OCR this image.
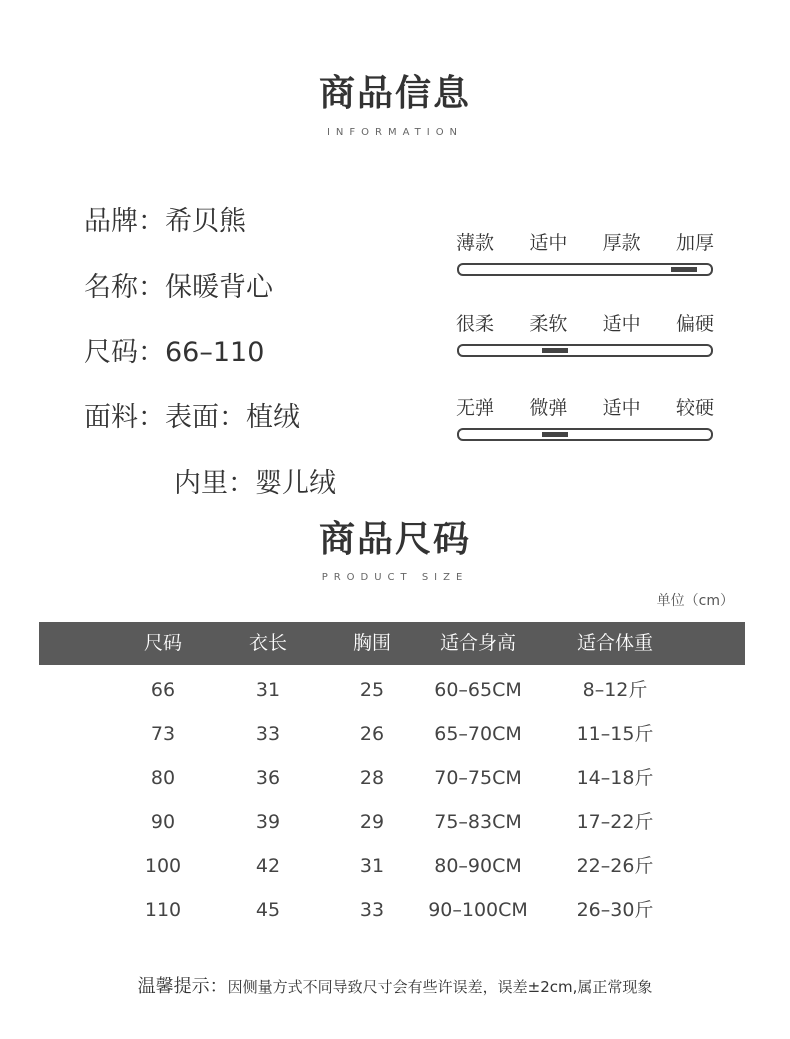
商品信息
INFORMATION
品牌：希贝熊
名称：保暖背心
尺码：66–110
面料：表面：植绒
内里：婴儿绒
薄款 适中 厚款 加厚
很柔 柔软 适中 偏硬
无弹 微弹 适中 较硬
商品尺码
PRODUCT SIZE
单位（cm）
尺码	衣长	胸围	适合身高	适合体重
66	31	25	60–65CM	8–12斤
73	33	26	65–70CM	11–15斤
80	36	28	70–75CM	14–18斤
90	39	29	75–83CM	17–22斤
100	42	31	80–90CM	22–26斤
110	45	33 90–100CM	26–30斤
温馨提示：因侧量方式不同导致尺寸会有些许误差，误差±2cm,属正常现象
